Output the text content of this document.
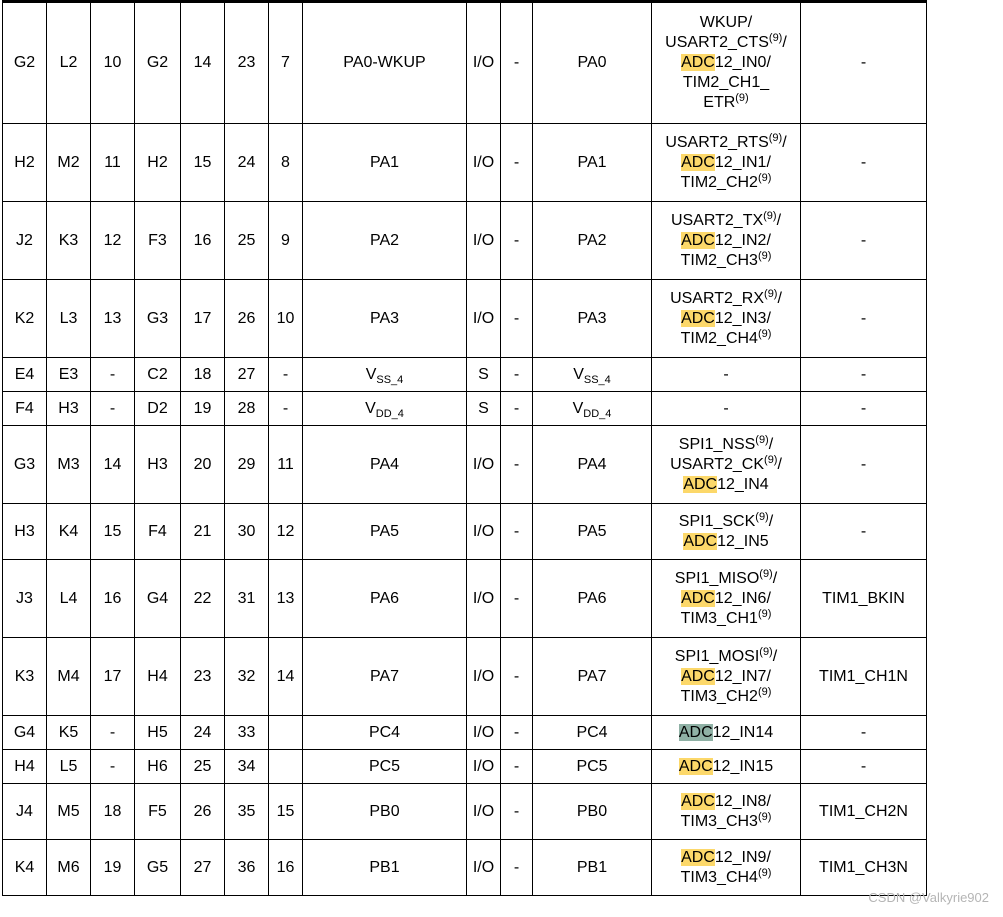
G2	L2	10	G2	14	23	7	PA0-WKUP	I/O	-	PA0	WKUP/
USART2_CTS$^{(9)}$/
ADC12_IN0/
TIM2_CH1_
ETR$^{(9)}$	-
H2	M2	11	H2	15	24	8	PA1	I/O	-	PA1	USART2_RTS$^{(9)}$/
ADC12_IN1/
TIM2_CH2$^{(9)}$	-
J2	K3	12	F3	16	25	9	PA2	I/O	-	PA2	USART2_TX$^{(9)}$/
ADC12_IN2/
TIM2_CH3$^{(9)}$	-
K2	L3	13	G3	17	26	10	PA3	I/O	-	PA3	USART2_RX$^{(9)}$/
ADC12_IN3/
TIM2_CH4$^{(9)}$	-
E4	E3	-	C2	18	27	-	$V_{SS\_4}$	S	-	$V_{SS\_4}$	-	-
F4	H3	-	D2	19	28	-	$V_{DD\_4}$	S	-	$V_{DD\_4}$	-	-
G3	M3	14	H3	20	29	11	PA4	I/O	-	PA4	SPI1_NSS$^{(9)}$/
USART2_CK$^{(9)}$/
ADC12_IN4	-
H3	K4	15	F4	21	30	12	PA5	I/O	-	PA5	SPI1_SCK$^{(9)}$/
ADC12_IN5	-
J3	L4	16	G4	22	31	13	PA6	I/O	-	PA6	SPI1_MISO$^{(9)}$/
ADC12_IN6/
TIM3_CH1$^{(9)}$	TIM1_BKIN
K3	M4	17	H4	23	32	14	PA7	I/O	-	PA7	SPI1_MOSI$^{(9)}$/
ADC12_IN7/
TIM3_CH2$^{(9)}$	TIM1_CH1N
G4	K5	-	H5	24	33		PC4	I/O	-	PC4	ADC12_IN14	-
H4	L5	-	H6	25	34		PC5	I/O	-	PC5	ADC12_IN15	-
J4	M5	18	F5	26	35	15	PB0	I/O	-	PB0	ADC12_IN8/
TIM3_CH3$^{(9)}$	TIM1_CH2N
K4	M6	19	G5	27	36	16	PB1	I/O	-	PB1	ADC12_IN9/
TIM3_CH4$^{(9)}$	TIM1_CH3N
CSDN @Valkyrie902
